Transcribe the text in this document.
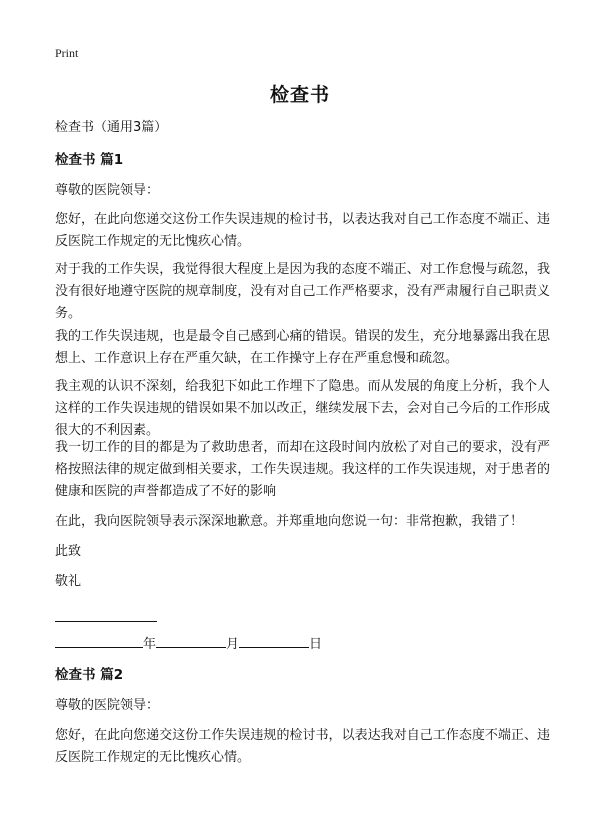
Print
检查书
检查书（通用3篇）
检查书 篇1
尊敬的医院领导：
您好，在此向您递交这份工作失误违规的检讨书，以表达我对自己工作态度不端正、违反医院工作规定的无比愧疚心情。
对于我的工作失误，我觉得很大程度上是因为我的态度不端正、对工作怠慢与疏忽，我没有很好地遵守医院的规章制度，没有对自己工作严格要求，没有严肃履行自己职责义务。
我的工作失误违规，也是最令自己感到心痛的错误。错误的发生，充分地暴露出我在思想上、工作意识上存在严重欠缺，在工作操守上存在严重怠慢和疏忽。
我主观的认识不深刻，给我犯下如此工作埋下了隐患。而从发展的角度上分析，我个人这样的工作失误违规的错误如果不加以改正，继续发展下去，会对自己今后的工作形成很大的不利因素。
我一切工作的目的都是为了救助患者，而却在这段时间内放松了对自己的要求，没有严格按照法律的规定做到相关要求，工作失误违规。我这样的工作失误违规，对于患者的健康和医院的声誉都造成了不好的影响
在此，我向医院领导表示深深地歉意。并郑重地向您说一句：非常抱歉，我错了！
此致
敬礼
年	月	日
检查书 篇2
尊敬的医院领导：
您好，在此向您递交这份工作失误违规的检讨书，以表达我对自己工作态度不端正、违反医院工作规定的无比愧疚心情。
